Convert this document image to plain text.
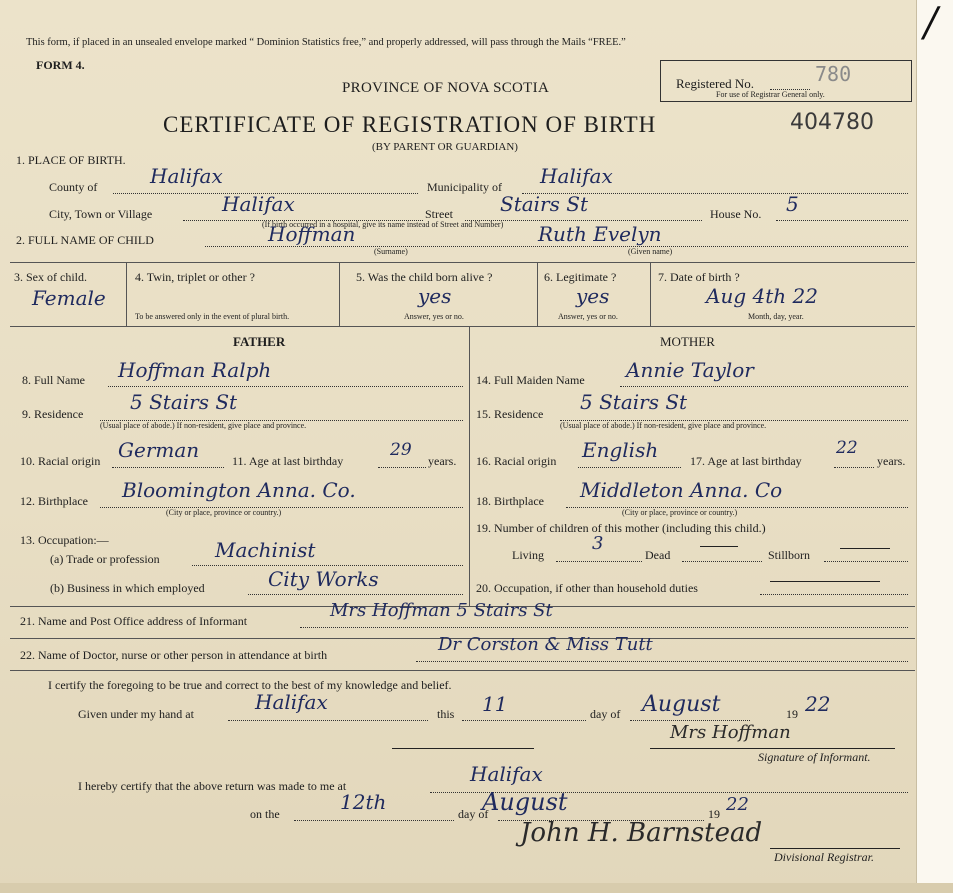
/
This form, if placed in an unsealed envelope marked “ Dominion Statistics free,” and properly addressed, will pass through the Mails “FREE.”
FORM 4.
PROVINCE OF NOVA SCOTIA	Registered No.	780
For use of Registrar General only.
CERTIFICATE OF REGISTRATION OF BIRTH	404780
(BY PARENT OR GUARDIAN)
1. PLACE OF BIRTH.
County of	Halifax	Municipality of Halifax
City, Town or Village	Halifax	Street Stairs St	House No. 5
(If birth occurred in a hospital, give its name instead of Street and Number)
2. FULL NAME OF CHILD	Hoffman	Ruth Evelyn
(Surname)	(Given name)
3. Sex of child.
Female
4. Twin, triplet or other ?
To be answered only in the event of plural birth.
5. Was the child born alive ?
yes
Answer, yes or no.
6. Legitimate ?
yes
Answer, yes or no.
7. Date of birth ?
Aug 4th 22
Month, day, year.
FATHER	MOTHER
8. Full Name Hoffman Ralph
9. Residence 5 Stairs St
(Usual place of abode.) If non-resident, give place and province.
10. Racial origin German	11. Age at last birthday
29
years.
12. Birthplace Bloomington Anna. Co.
(City or place, province or country.)
13. Occupation:—
(a) Trade or profession	Machinist
(b) Business in which employed	City Works
14. Full Maiden Name Annie Taylor
15. Residence 5 Stairs St
(Usual place of abode.) If non-resident, give place and province.
16. Racial origin English	17. Age at last birthday
22
years.
18. Birthplace Middleton Anna. Co
(City or place, province or country.)
19. Number of children of this mother (including this child.)
Living
3
Dead	Stillborn
20. Occupation, if other than household duties
21. Name and Post Office address of Informant	Mrs Hoffman 5 Stairs St
22. Name of Doctor, nurse or other person in attendance at birth	Dr Corston & Miss Tutt
I certify the foregoing to be true and correct to the best of my knowledge and belief.
Given under my hand at	Halifax	this 11	day of August	19 22
Mrs Hoffman
Signature of Informant.
I hereby certify that the above return was made to me at	Halifax
on the	12th	day of
August	19 22
John H. Barnstead
Divisional Registrar.
